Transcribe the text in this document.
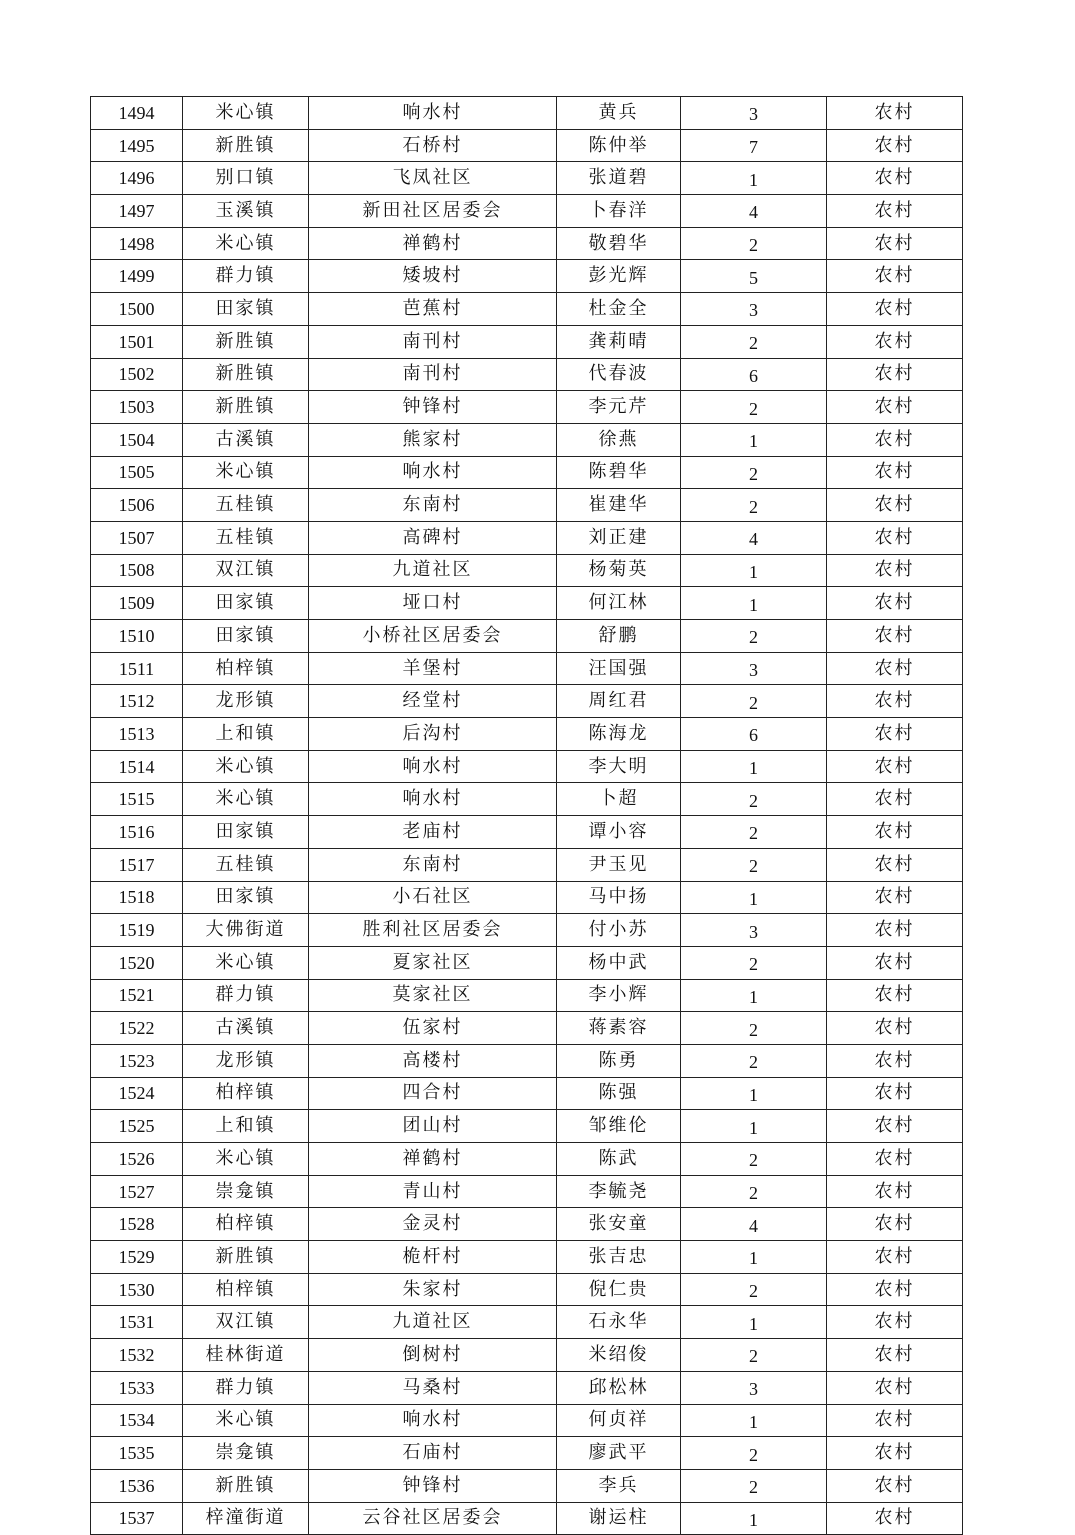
1494	米心镇	响水村	黄兵	3	农村
1495	新胜镇	石桥村	陈仲举	7	农村
1496	别口镇	飞凤社区	张道碧	1	农村
1497	玉溪镇	新田社区居委会	卜春洋	4	农村
1498	米心镇	禅鹤村	敬碧华	2	农村
1499	群力镇	矮坡村	彭光辉	5	农村
1500	田家镇	芭蕉村	杜金全	3	农村
1501	新胜镇	南刊村	龚莉晴	2	农村
1502	新胜镇	南刊村	代春波	6	农村
1503	新胜镇	钟锋村	李元芹	2	农村
1504	古溪镇	熊家村	徐燕	1	农村
1505	米心镇	响水村	陈碧华	2	农村
1506	五桂镇	东南村	崔建华	2	农村
1507	五桂镇	高碑村	刘正建	4	农村
1508	双江镇	九道社区	杨菊英	1	农村
1509	田家镇	垭口村	何江林	1	农村
1510	田家镇	小桥社区居委会	舒鹏	2	农村
1511	柏梓镇	羊堡村	汪国强	3	农村
1512	龙形镇	经堂村	周红君	2	农村
1513	上和镇	后沟村	陈海龙	6	农村
1514	米心镇	响水村	李大明	1	农村
1515	米心镇	响水村	卜超	2	农村
1516	田家镇	老庙村	谭小容	2	农村
1517	五桂镇	东南村	尹玉见	2	农村
1518	田家镇	小石社区	马中扬	1	农村
1519	大佛街道	胜利社区居委会	付小苏	3	农村
1520	米心镇	夏家社区	杨中武	2	农村
1521	群力镇	莫家社区	李小辉	1	农村
1522	古溪镇	伍家村	蒋素容	2	农村
1523	龙形镇	高楼村	陈勇	2	农村
1524	柏梓镇	四合村	陈强	1	农村
1525	上和镇	团山村	邹维伦	1	农村
1526	米心镇	禅鹤村	陈武	2	农村
1527	崇龛镇	青山村	李毓尧	2	农村
1528	柏梓镇	金灵村	张安童	4	农村
1529	新胜镇	桅杆村	张吉忠	1	农村
1530	柏梓镇	朱家村	倪仁贵	2	农村
1531	双江镇	九道社区	石永华	1	农村
1532	桂林街道	倒树村	米绍俊	2	农村
1533	群力镇	马桑村	邱松林	3	农村
1534	米心镇	响水村	何贞祥	1	农村
1535	崇龛镇	石庙村	廖武平	2	农村
1536	新胜镇	钟锋村	李兵	2	农村
1537	梓潼街道	云谷社区居委会	谢运柱	1	农村
